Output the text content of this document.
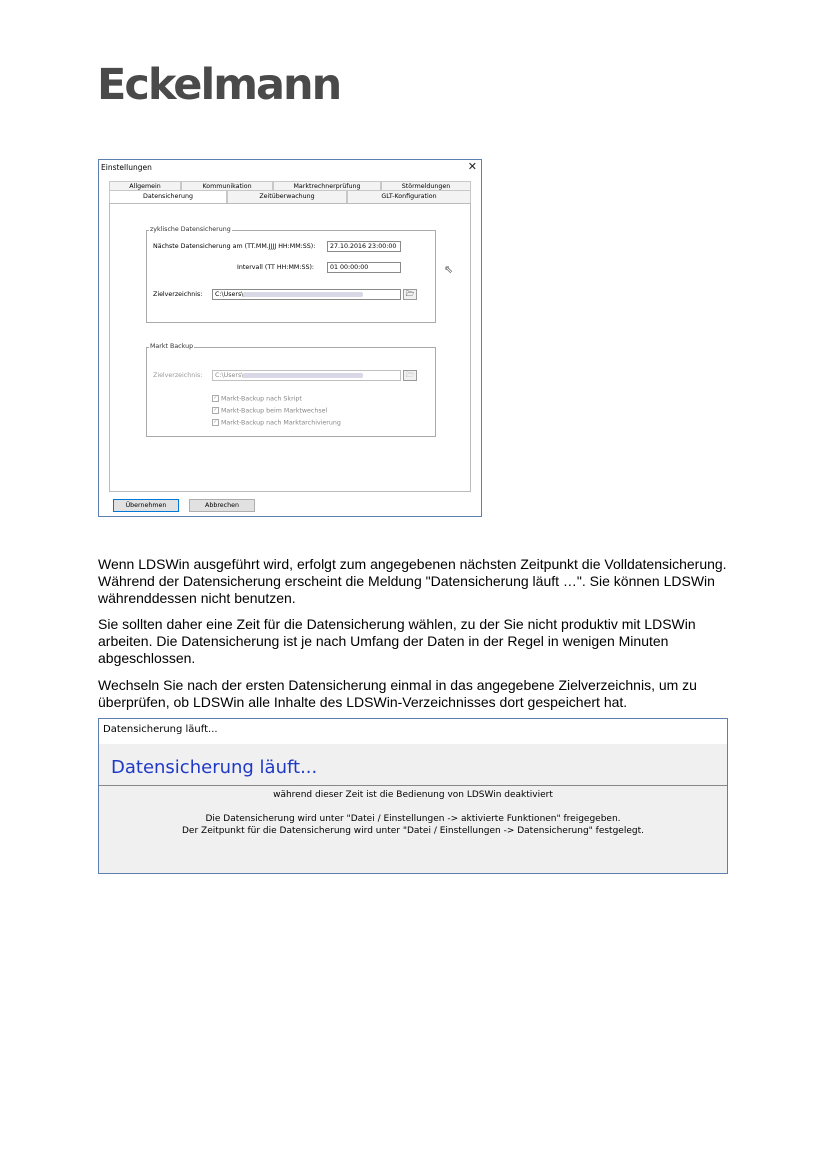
Eckelmann
Einstellungen	✕
Allgemein	Kommunikation	Marktrechnerprüfung	Störmeldungen
Datensicherung	Zeitüberwachung	GLT-Konfiguration
zyklische Datensicherung
Nächste Datensicherung am (TT.MM.JJJJ HH:MM:SS):	27.10.2016 23:00:00
Intervall (TT HH:MM:SS):	01 00:00:00
Zielverzeichnis:	C:\Users\	🗁
Markt Backup
Zielverzeichnis:	C:\Users\	🗁
✓ Markt-Backup nach Skript
✓ Markt-Backup beim Marktwechsel
✓ Markt-Backup nach Marktarchivierung
Übernehmen	Abbrechen
⇖
Wenn LDSWin ausgeführt wird, erfolgt zum angegebenen nächsten Zeitpunkt die Volldatensicherung. Während der Datensicherung erscheint die Meldung "Datensicherung läuft …". Sie können LDSWin währenddessen nicht benutzen.
Sie sollten daher eine Zeit für die Datensicherung wählen, zu der Sie nicht produktiv mit LDSWin arbeiten. Die Datensicherung ist je nach Umfang der Daten in der Regel in wenigen Minuten abgeschlossen.
Wechseln Sie nach der ersten Datensicherung einmal in das angegebene Zielverzeichnis, um zu überprüfen, ob LDSWin alle Inhalte des LDSWin-Verzeichnisses dort gespeichert hat.
Datensicherung läuft...
Datensicherung läuft...
während dieser Zeit ist die Bedienung von LDSWin deaktiviert
Die Datensicherung wird unter "Datei / Einstellungen -> aktivierte Funktionen" freigegeben.
Der Zeitpunkt für die Datensicherung wird unter "Datei / Einstellungen -> Datensicherung" festgelegt.
